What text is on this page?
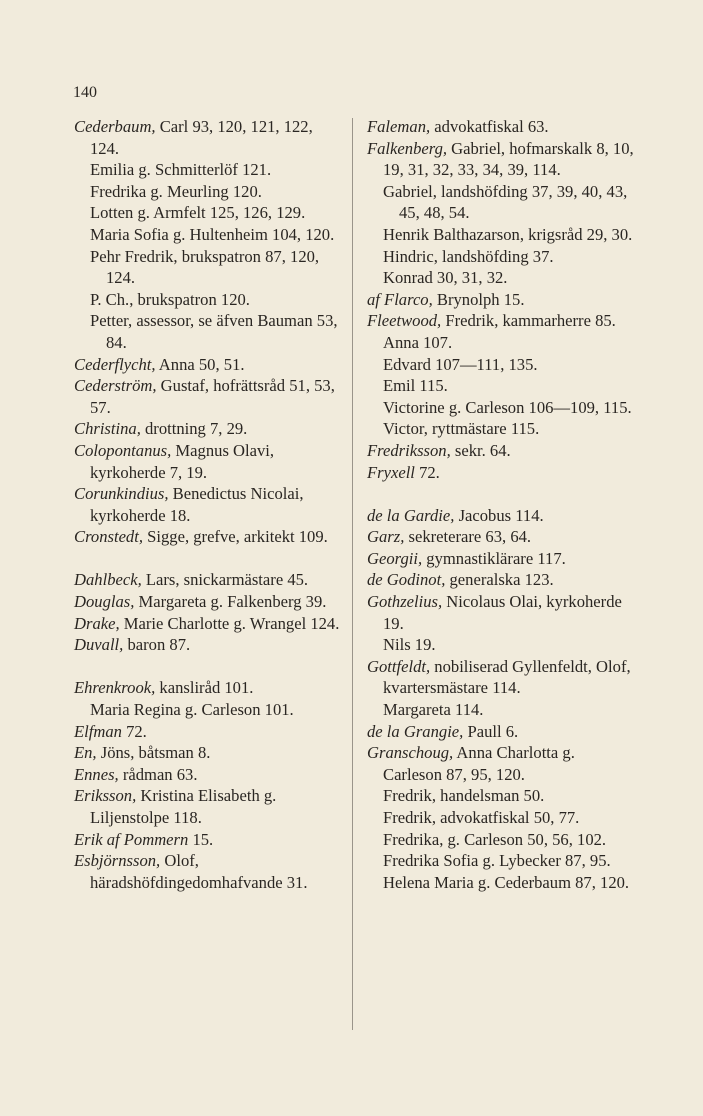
140
Cederbaum, Carl 93, 120, 121, 122, 124.
Emilia g. Schmitterlöf 121.
Fredrika g. Meurling 120.
Lotten g. Armfelt 125, 126, 129.
Maria Sofia g. Hultenheim 104, 120.
Pehr Fredrik, brukspatron 87, 120, 124.
P. Ch., brukspatron 120.
Petter, assessor, se äfven Bauman 53, 84.
Cederflycht, Anna 50, 51.
Cederström, Gustaf, hofrättsråd 51, 53, 57.
Christina, drottning 7, 29.
Colopontanus, Magnus Olavi, kyrkoherde 7, 19.
Corunkindius, Benedictus Nicolai, kyrkoherde 18.
Cronstedt, Sigge, grefve, arkitekt 109.
Dahlbeck, Lars, snickarmästare 45.
Douglas, Margareta g. Falkenberg 39.
Drake, Marie Charlotte g. Wrangel 124.
Duvall, baron 87.
Ehrenkrook, kansliråd 101.
Maria Regina g. Carleson 101.
Elfman 72.
En, Jöns, båtsman 8.
Ennes, rådman 63.
Eriksson, Kristina Elisabeth g. Liljenstolpe 118.
Erik af Pommern 15.
Esbjörnsson, Olof, häradshöfdingedomhafvande 31.
Faleman, advokatfiskal 63.
Falkenberg, Gabriel, hofmarskalk 8, 10, 19, 31, 32, 33, 34, 39, 114.
Gabriel, landshöfding 37, 39, 40, 43, 45, 48, 54.
Henrik Balthazarson, krigsråd 29, 30.
Hindric, landshöfding 37.
Konrad 30, 31, 32.
af Flarco, Brynolph 15.
Fleetwood, Fredrik, kammarherre 85.
Anna 107.
Edvard 107—111, 135.
Emil 115.
Victorine g. Carleson 106—109, 115.
Victor, ryttmästare 115.
Fredriksson, sekr. 64.
Fryxell 72.
de la Gardie, Jacobus 114.
Garz, sekreterare 63, 64.
Georgii, gymnastiklärare 117.
de Godinot, generalska 123.
Gothzelius, Nicolaus Olai, kyrkoherde 19.
Nils 19.
Gottfeldt, nobiliserad Gyllenfeldt, Olof, kvartersmästare 114.
Margareta 114.
de la Grangie, Paull 6.
Granschoug, Anna Charlotta g. Carleson 87, 95, 120.
Fredrik, handelsman 50.
Fredrik, advokatfiskal 50, 77.
Fredrika, g. Carleson 50, 56, 102.
Fredrika Sofia g. Lybecker 87, 95.
Helena Maria g. Cederbaum 87, 120.
